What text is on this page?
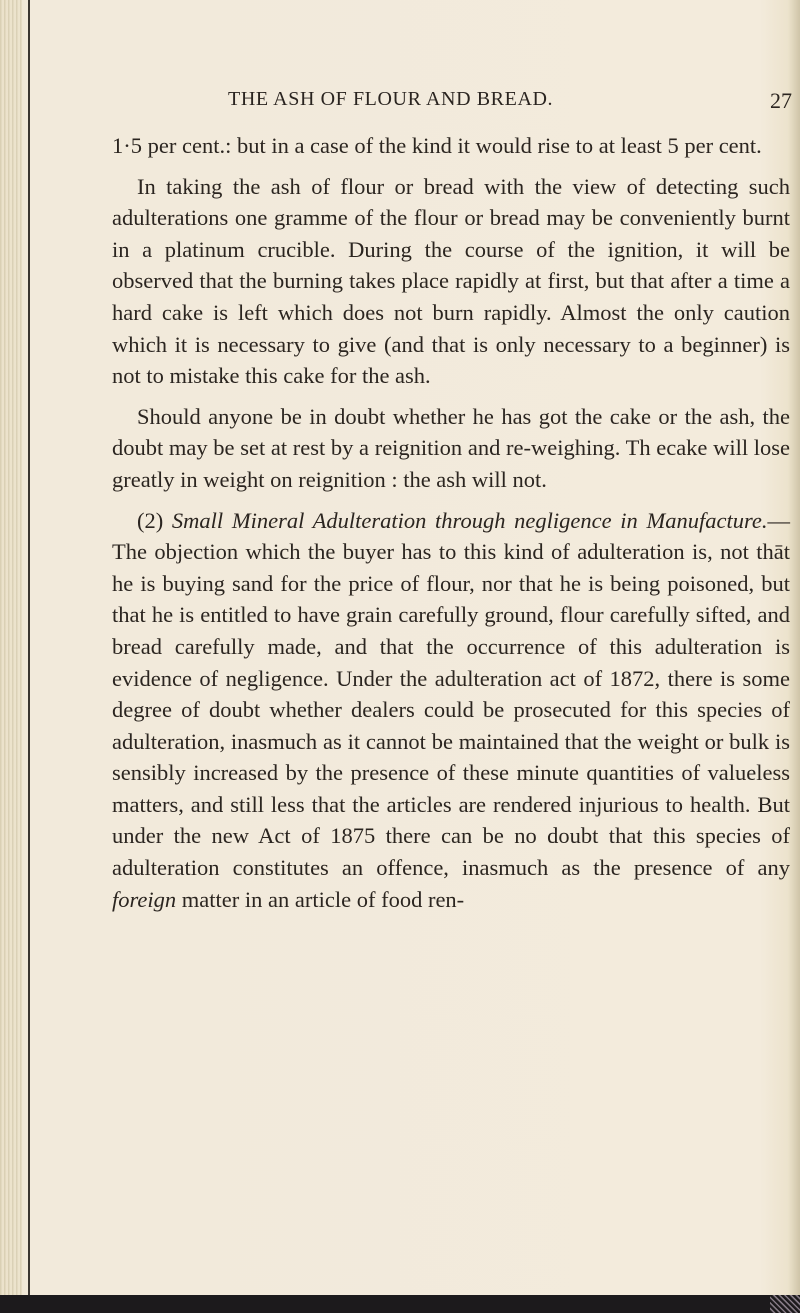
THE ASH OF FLOUR AND BREAD.	27

1·5 per cent.: but in a case of the kind it would rise to at least 5 per cent.

In taking the ash of flour or bread with the view of detecting such adulterations one gramme of the flour or bread may be conveniently burnt in a platinum crucible. During the course of the ignition, it will be observed that the burning takes place rapidly at first, but that after a time a hard cake is left which does not burn rapidly. Almost the only caution which it is necessary to give (and that is only necessary to a beginner) is not to mistake this cake for the ash.

Should anyone be in doubt whether he has got the cake or the ash, the doubt may be set at rest by a reignition and re-weighing. Th ecake will lose greatly in weight on reignition : the ash will not.

(2) Small Mineral Adulteration through negligence in Manufacture.—The objection which the buyer has to this kind of adulteration is, not thāt he is buying sand for the price of flour, nor that he is being poisoned, but that he is entitled to have grain carefully ground, flour carefully sifted, and bread carefully made, and that the occurrence of this adulteration is evidence of negligence. Under the adulteration act of 1872, there is some degree of doubt whether dealers could be prosecuted for this species of adulteration, inasmuch as it cannot be maintained that the weight or bulk is sensibly increased by the presence of these minute quantities of valueless matters, and still less that the articles are rendered injurious to health. But under the new Act of 1875 there can be no doubt that this species of adulteration constitutes an offence, inasmuch as the presence of any foreign matter in an article of food ren-
